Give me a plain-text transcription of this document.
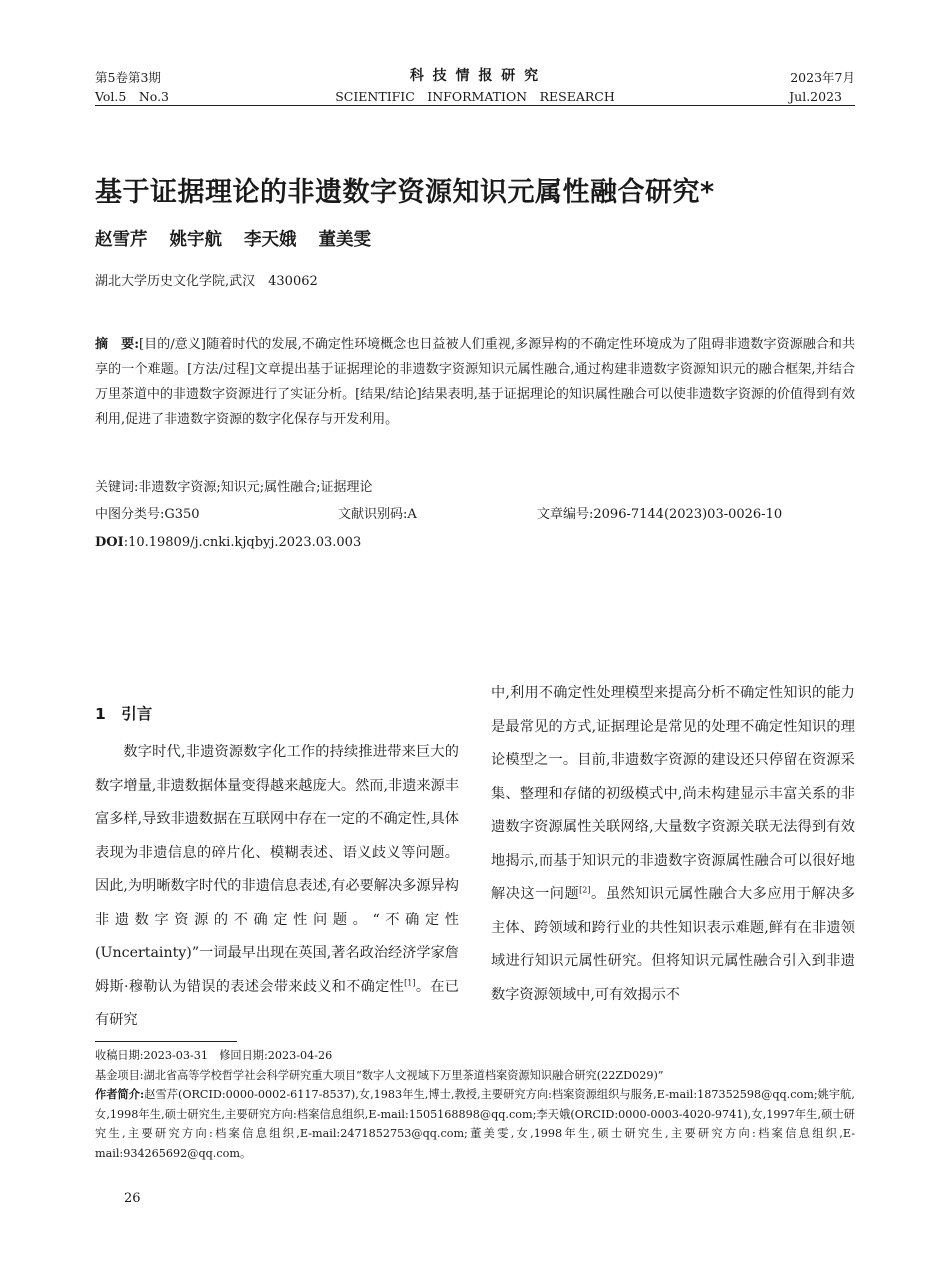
第5卷第3期
Vol.5　No.3
科 技 情 报 研 究
SCIENTIFIC　INFORMATION　RESEARCH
2023年7月
Jul.2023
基于证据理论的非遗数字资源知识元属性融合研究*
赵雪芹 姚宇航 李天娥 董美雯
湖北大学历史文化学院,武汉　430062
摘　要:[目的/意义]随着时代的发展,不确定性环境概念也日益被人们重视,多源异构的不确定性环境成为了阻碍非遗数字资源融合和共享的一个难题。[方法/过程]文章提出基于证据理论的非遗数字资源知识元属性融合,通过构建非遗数字资源知识元的融合框架,并结合万里茶道中的非遗数字资源进行了实证分析。[结果/结论]结果表明,基于证据理论的知识属性融合可以使非遗数字资源的价值得到有效利用,促进了非遗数字资源的数字化保存与开发利用。
关键词:非遗数字资源;知识元;属性融合;证据理论
中图分类号:G350	文献识别码:A	文章编号:2096-7144(2023)03-0026-10
DOI:10.19809/j.cnki.kjqbyj.2023.03.003
1　引言

数字时代,非遗资源数字化工作的持续推进带来巨大的数字增量,非遗数据体量变得越来越庞大。然而,非遗来源丰富多样,导致非遗数据在互联网中存在一定的不确定性,具体表现为非遗信息的碎片化、模糊表述、语义歧义等问题。因此,为明晰数字时代的非遗信息表述,有必要解决多源异构非遗数字资源的不确定性问题。“不确定性(Uncertainty)”一词最早出现在英国,著名政治经济学家詹姆斯·穆勒认为错误的表述会带来歧义和不确定性[1]。在已有研究

中,利用不确定性处理模型来提高分析不确定性知识的能力是最常见的方式,证据理论是常见的处理不确定性知识的理论模型之一。目前,非遗数字资源的建设还只停留在资源采集、整理和存储的初级模式中,尚未构建显示丰富关系的非遗数字资源属性关联网络,大量数字资源关联无法得到有效地揭示,而基于知识元的非遗数字资源属性融合可以很好地解决这一问题[2]。虽然知识元属性融合大多应用于解决多主体、跨领域和跨行业的共性知识表示难题,鲜有在非遗领域进行知识元属性研究。但将知识元属性融合引入到非遗数字资源领域中,可有效揭示不

收稿日期:2023-03-31　修回日期:2023-04-26
基金项目:湖北省高等学校哲学社会科学研究重大项目“数字人文视域下万里茶道档案资源知识融合研究(22ZD029)”
作者简介:赵雪芹(ORCID:0000-0002-6117-8537),女,1983年生,博士,教授,主要研究方向:档案资源组织与服务,E-mail:187352598@qq.com;姚宇航,女,1998年生,硕士研究生,主要研究方向:档案信息组织,E-mail:1505168898@qq.com;李天娥(ORCID:0000-0003-4020-9741),女,1997年生,硕士研究生,主要研究方向:档案信息组织,E-mail:2471852753@qq.com;董美雯,女,1998年生,硕士研究生,主要研究方向:档案信息组织,E-mail:934265692@qq.com。
26
